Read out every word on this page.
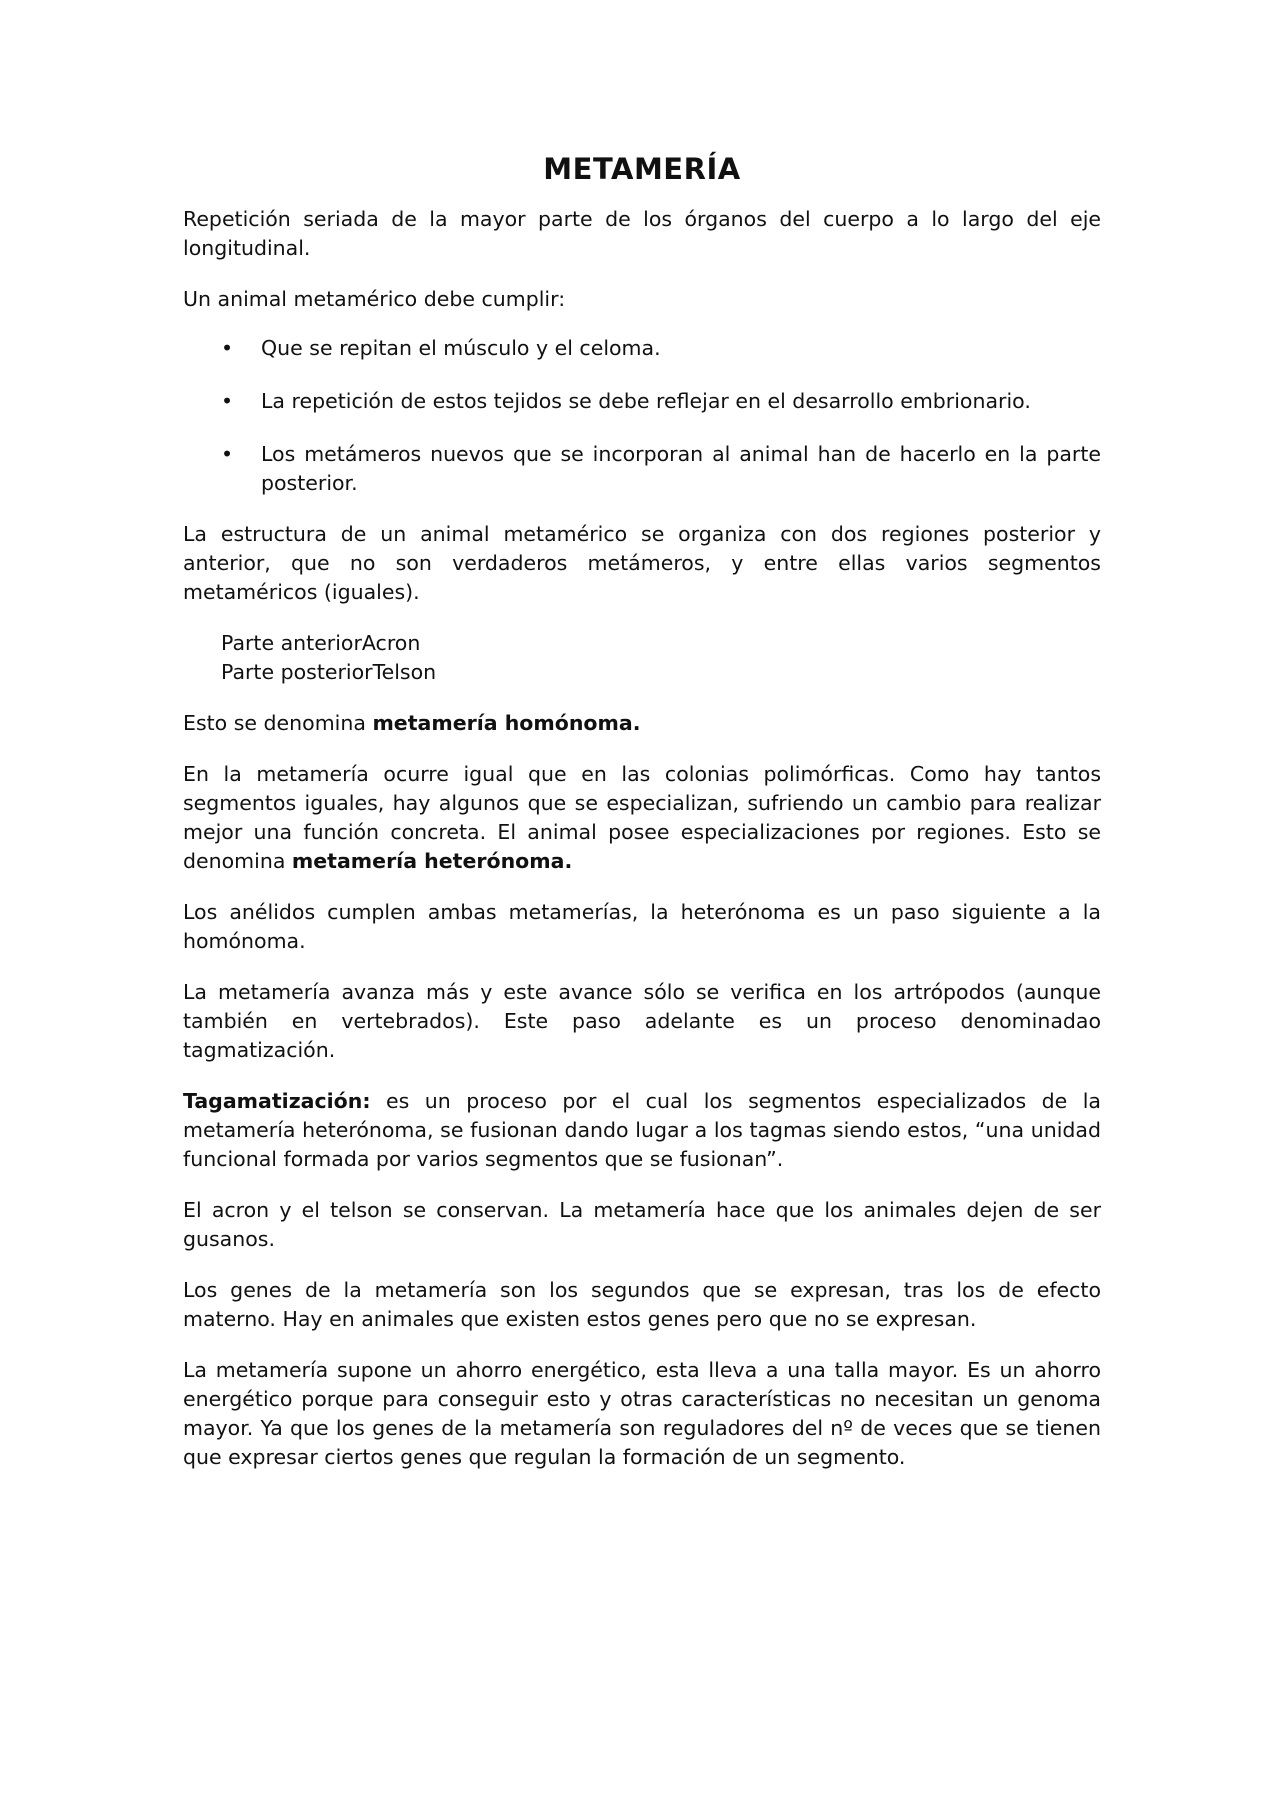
METAMERÍA

Repetición seriada de la mayor parte de los órganos del cuerpo a lo largo del eje longitudinal.

Un animal metamérico debe cumplir:

• Que se repitan el músculo y el celoma.
• La repetición de estos tejidos se debe reflejar en el desarrollo embrionario.
• Los metámeros nuevos que se incorporan al animal han de hacerlo en la parte posterior.

La estructura de un animal metamérico se organiza con dos regiones posterior y anterior, que no son verdaderos metámeros, y entre ellas varios segmentos metaméricos (iguales).

Parte anteriorAcron
Parte posteriorTelson

Esto se denomina metamería homónoma.

En la metamería ocurre igual que en las colonias polimórficas. Como hay tantos segmentos iguales, hay algunos que se especializan, sufriendo un cambio para realizar mejor una función concreta. El animal posee especializaciones por regiones. Esto se denomina metamería heterónoma.

Los anélidos cumplen ambas metamerías, la heterónoma es un paso siguiente a la homónoma.

La metamería avanza más y este avance sólo se verifica en los artrópodos (aunque también en vertebrados). Este paso adelante es un proceso denominadao tagmatización.

Tagamatización: es un proceso por el cual los segmentos especializados de la metamería heterónoma, se fusionan dando lugar a los tagmas siendo estos, “una unidad funcional formada por varios segmentos que se fusionan”.

El acron y el telson se conservan. La metamería hace que los animales dejen de ser gusanos.

Los genes de la metamería son los segundos que se expresan, tras los de efecto materno. Hay en animales que existen estos genes pero que no se expresan.

La metamería supone un ahorro energético, esta lleva a una talla mayor. Es un ahorro energético porque para conseguir esto y otras características no necesitan un genoma mayor. Ya que los genes de la metamería son reguladores del nº de veces que se tienen que expresar ciertos genes que regulan la formación de un segmento.
